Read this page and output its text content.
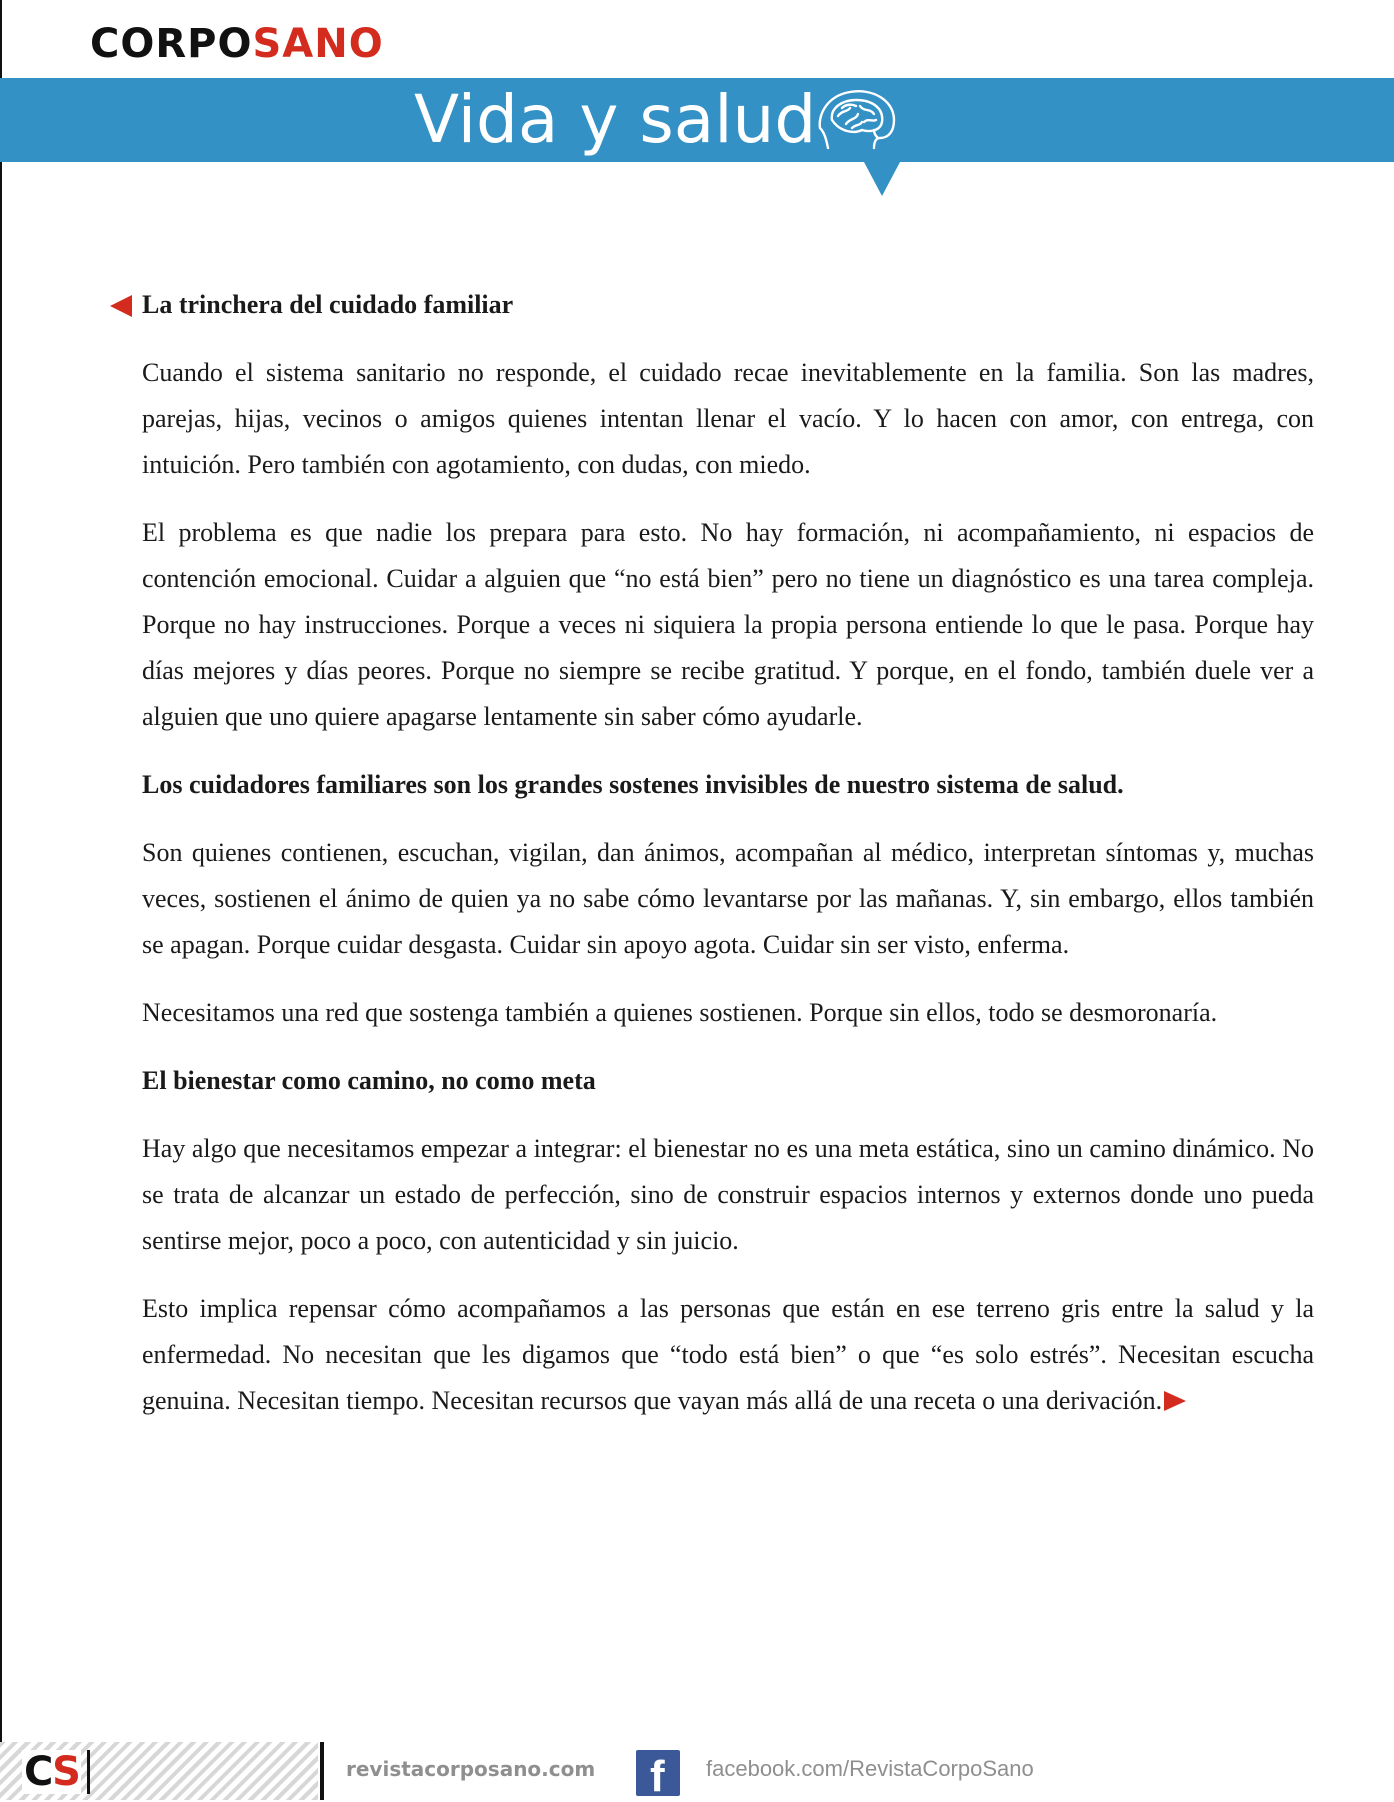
CORPOSANO
Vida y salud
La trinchera del cuidado familiar

Cuando el sistema sanitario no responde, el cuidado recae inevitablemente en la familia. Son las madres, parejas, hijas, vecinos o amigos quienes intentan llenar el vacío. Y lo hacen con amor, con entrega, con intuición. Pero también con agotamiento, con dudas, con miedo.

El problema es que nadie los prepara para esto. No hay formación, ni acompañamiento, ni espacios de contención emocional. Cuidar a alguien que “no está bien” pero no tiene un diagnóstico es una tarea compleja. Porque no hay instrucciones. Porque a veces ni siquiera la propia persona entiende lo que le pasa. Porque hay días mejores y días peores. Porque no siempre se recibe gratitud. Y porque, en el fondo, también duele ver a alguien que uno quiere apagarse lentamente sin saber cómo ayudarle.

Los cuidadores familiares son los grandes sostenes invisibles de nuestro sistema de salud.

Son quienes contienen, escuchan, vigilan, dan ánimos, acompañan al médico, interpretan síntomas y, muchas veces, sostienen el ánimo de quien ya no sabe cómo levantarse por las mañanas. Y, sin embargo, ellos también se apagan. Porque cuidar desgasta. Cuidar sin apoyo agota. Cuidar sin ser visto, enferma.

Necesitamos una red que sostenga también a quienes sostienen. Porque sin ellos, todo se desmoronaría.

El bienestar como camino, no como meta

Hay algo que necesitamos empezar a integrar: el bienestar no es una meta estática, sino un camino dinámico. No se trata de alcanzar un estado de perfección, sino de construir espacios internos y externos donde uno pueda sentirse mejor, poco a poco, con autenticidad y sin juicio.

Esto implica repensar cómo acompañamos a las personas que están en ese terreno gris entre la salud y la enfermedad. No necesitan que les digamos que “todo está bien” o que “es solo estrés”. Necesitan escucha genuina. Necesitan tiempo. Necesitan recursos que vayan más allá de una receta o una derivación.

CS	revistacorposano.com f facebook.com/RevistaCorpoSano
